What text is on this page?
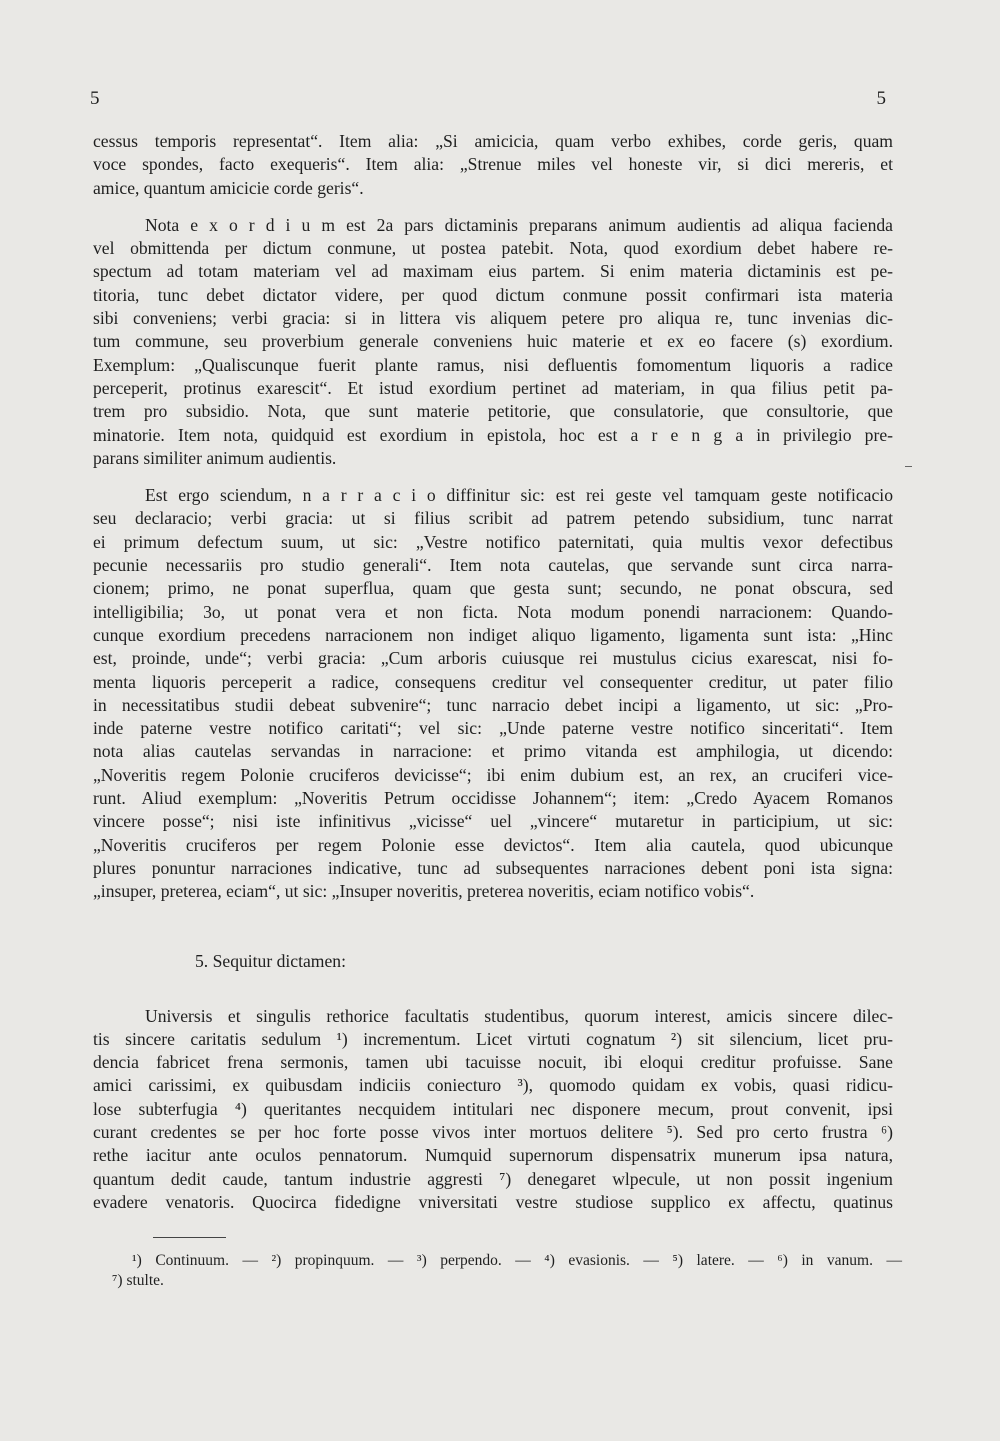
5	5
cessus temporis representat“. Item alia: „Si amicicia, quam verbo exhibes, corde geris, quam
voce spondes, facto exequeris“. Item alia: „Strenue miles vel honeste vir, si dici mereris, et
amice, quantum amicicie corde geris“.
Nota e x o r d i u m est 2a pars dictaminis preparans animum audientis ad aliqua facienda
vel obmittenda per dictum conmune, ut postea patebit. Nota, quod exordium debet habere re-
spectum ad totam materiam vel ad maximam eius partem. Si enim materia dictaminis est pe-
titoria, tunc debet dictator videre, per quod dictum conmune possit confirmari ista materia
sibi conveniens; verbi gracia: si in littera vis aliquem petere pro aliqua re, tunc invenias dic-
tum commune, seu proverbium generale conveniens huic materie et ex eo facere (s) exordium.
Exemplum: „Qualiscunque fuerit plante ramus, nisi defluentis fomomentum liquoris a radice
perceperit, protinus exarescit“. Et istud exordium pertinet ad materiam, in qua filius petit pa-
trem pro subsidio. Nota, que sunt materie petitorie, que consulatorie, que consultorie, que
minatorie. Item nota, quidquid est exordium in epistola, hoc est a r e n g a in privilegio pre-
parans similiter animum audientis.
Est ergo sciendum, n a r r a c i o diffinitur sic: est rei geste vel tamquam geste notificacio
seu declaracio; verbi gracia: ut si filius scribit ad patrem petendo subsidium, tunc narrat
ei primum defectum suum, ut sic: „Vestre notifico paternitati, quia multis vexor defectibus
pecunie necessariis pro studio generali“. Item nota cautelas, que servande sunt circa narra-
cionem; primo, ne ponat superflua, quam que gesta sunt; secundo, ne ponat obscura, sed
intelligibilia; 3o, ut ponat vera et non ficta. Nota modum ponendi narracionem: Quando-
cunque exordium precedens narracionem non indiget aliquo ligamento, ligamenta sunt ista: „Hinc
est, proinde, unde“; verbi gracia: „Cum arboris cuiusque rei mustulus cicius exarescat, nisi fo-
menta liquoris perceperit a radice, consequens creditur vel consequenter creditur, ut pater filio
in necessitatibus studii debeat subvenire“; tunc narracio debet incipi a ligamento, ut sic: „Pro-
inde paterne vestre notifico caritati“; vel sic: „Unde paterne vestre notifico sinceritati“. Item
nota alias cautelas servandas in narracione: et primo vitanda est amphilogia, ut dicendo:
„Noveritis regem Polonie cruciferos devicisse“; ibi enim dubium est, an rex, an cruciferi vice-
runt. Aliud exemplum: „Noveritis Petrum occidisse Johannem“; item: „Credo Ayacem Romanos
vincere posse“; nisi iste infinitivus „vicisse“ uel „vincere“ mutaretur in participium, ut sic:
„Noveritis cruciferos per regem Polonie esse devictos“. Item alia cautela, quod ubicunque
plures ponuntur narraciones indicative, tunc ad subsequentes narraciones debent poni ista signa:
„insuper, preterea, eciam“, ut sic: „Insuper noveritis, preterea noveritis, eciam notifico vobis“.
5. Sequitur dictamen:
Universis et singulis rethorice facultatis studentibus, quorum interest, amicis sincere dilec-
tis sincere caritatis sedulum ¹) incrementum. Licet virtuti cognatum ²) sit silencium, licet pru-
dencia fabricet frena sermonis, tamen ubi tacuisse nocuit, ibi eloqui creditur profuisse. Sane
amici carissimi, ex quibusdam indiciis coniecturo ³), quomodo quidam ex vobis, quasi ridicu-
lose subterfugia ⁴) queritantes necquidem intitulari nec disponere mecum, prout convenit, ipsi
curant credentes se per hoc forte posse vivos inter mortuos delitere ⁵). Sed pro certo frustra ⁶)
rethe iacitur ante oculos pennatorum. Numquid supernorum dispensatrix munerum ipsa natura,
quantum dedit caude, tantum industrie aggresti ⁷) denegaret wlpecule, ut non possit ingenium
evadere venatoris. Quocirca fidedigne vniversitati vestre studiose supplico ex affectu, quatinus
¹) Continuum. — ²) propinquum. — ³) perpendo. — ⁴) evasionis. — ⁵) latere. — ⁶) in vanum. —
⁷) stulte.
